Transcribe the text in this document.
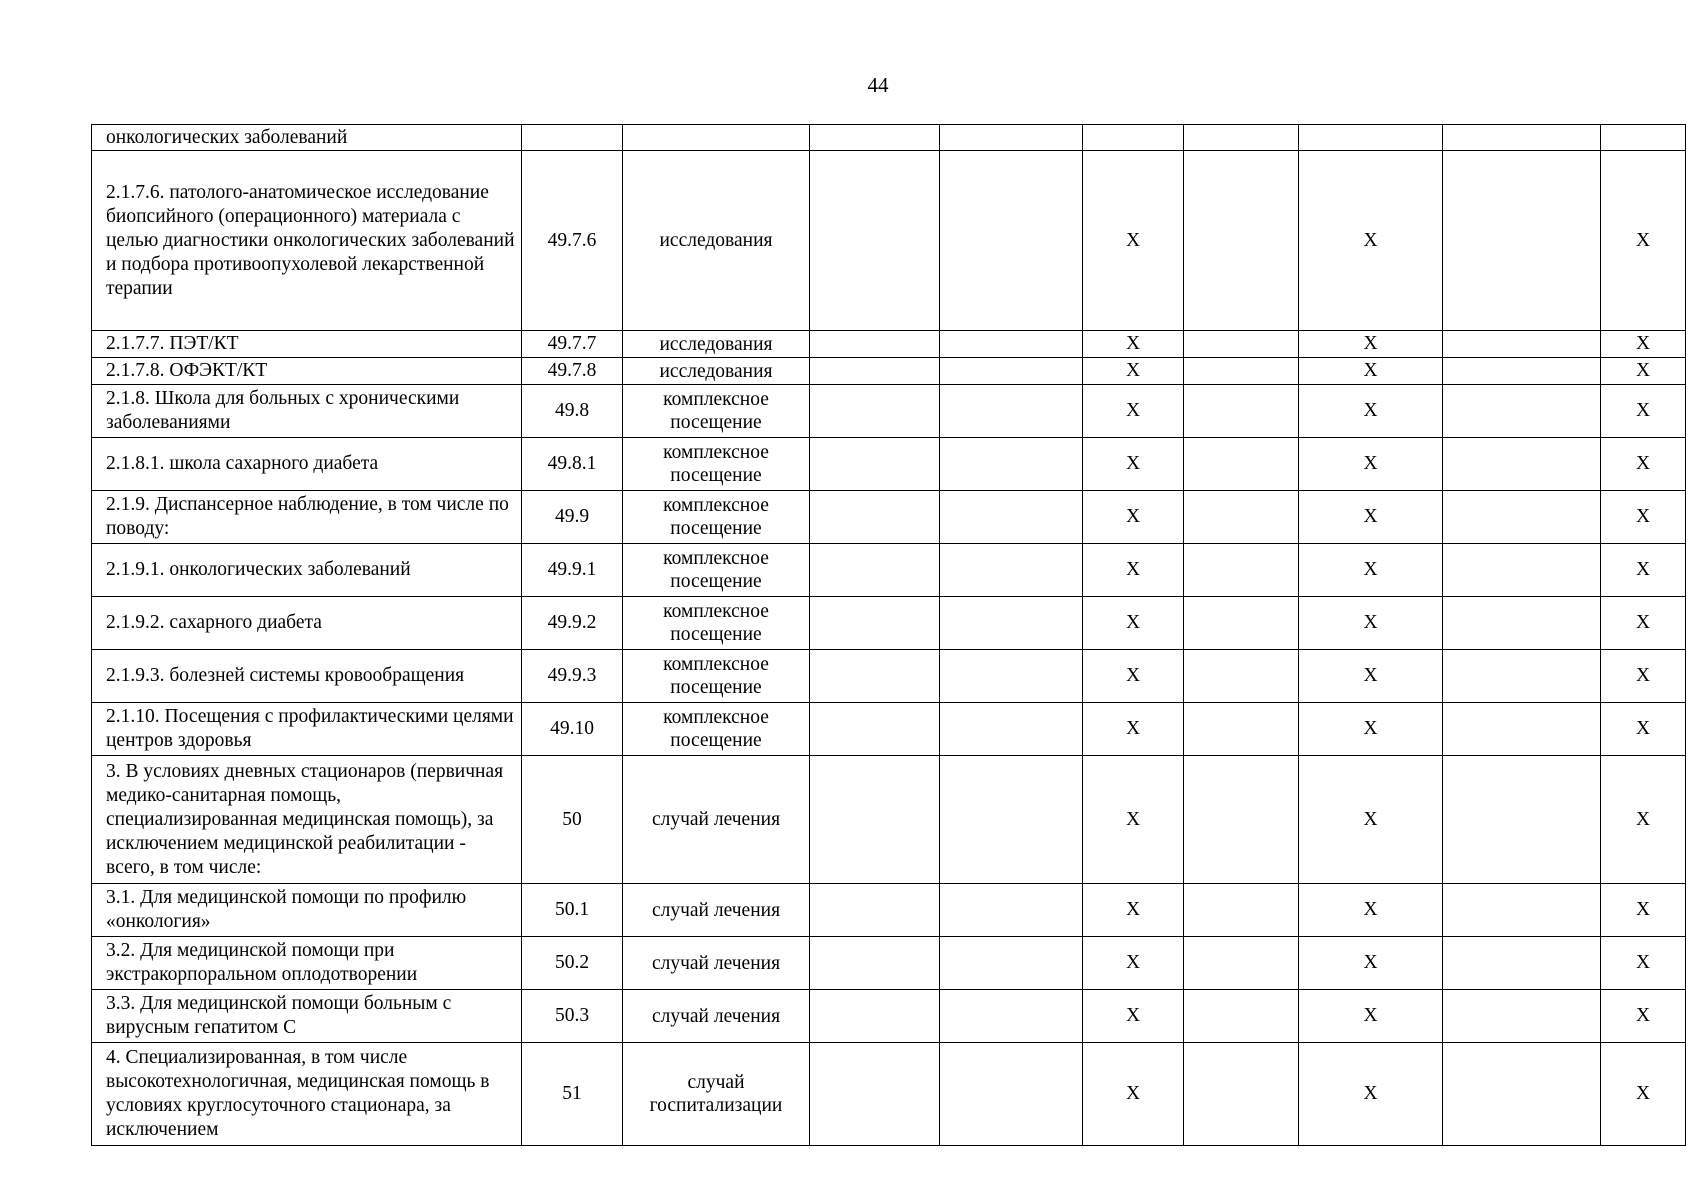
44
онкологических заболеваний									
2.1.7.6. патолого-анатомическое исследование биопсийного (операционного) материала с целью диагностики онкологических заболеваний и подбора противоопухолевой лекарственной терапии	49.7.6	исследования			X		X		X
2.1.7.7. ПЭТ/КТ	49.7.7	исследования			X		X		X
2.1.7.8. ОФЭКТ/КТ	49.7.8	исследования			X		X		X
2.1.8. Школа для больных с хроническими заболеваниями	49.8	комплексное посещение			X		X		X
2.1.8.1. школа сахарного диабета	49.8.1	комплексное посещение			X		X		X
2.1.9. Диспансерное наблюдение, в том числе по поводу:	49.9	комплексное посещение			X		X		X
2.1.9.1. онкологических заболеваний	49.9.1	комплексное посещение			X		X		X
2.1.9.2. сахарного диабета	49.9.2	комплексное посещение			X		X		X
2.1.9.3. болезней системы кровообращения	49.9.3	комплексное посещение			X		X		X
2.1.10. Посещения с профилактическими целями центров здоровья	49.10	комплексное посещение			X		X		X
3. В условиях дневных стационаров (первичная медико-санитарная помощь, специализированная медицинская помощь), за исключением медицинской реабилитации - всего, в том числе:	50	случай лечения			X		X		X
3.1. Для медицинской помощи по профилю «онкология»	50.1	случай лечения			X		X		X
3.2. Для медицинской помощи при экстракорпоральном оплодотворении	50.2	случай лечения			X		X		X
3.3. Для медицинской помощи больным с вирусным гепатитом С	50.3	случай лечения			X		X		X
4. Специализированная, в том числе высокотехнологичная, медицинская помощь в условиях круглосуточного стационара, за исключением	51	случай госпитализации			X		X		X
